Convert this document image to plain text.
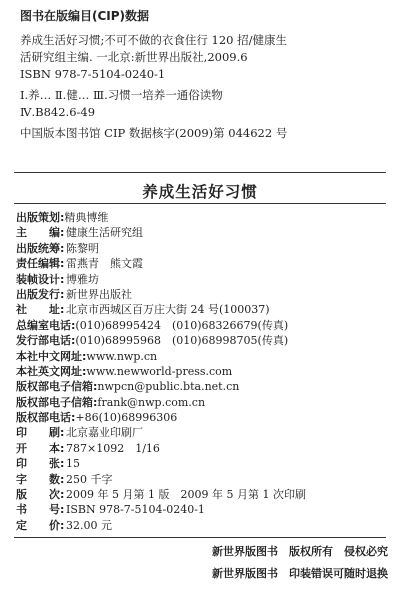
图书在版编目(CIP)数据
养成生活好习惯;不可不做的衣食住行 120 招/健康生
活研究组主编. 一北京:新世界出版社,2009.6
ISBN 978-7-5104-0240-1
Ⅰ.养… Ⅱ.健… Ⅲ.习惯一培养一通俗读物
Ⅳ.B842.6-49
中国版本图书馆 CIP 数据核字(2009)第 044622 号
养成生活好习惯
出版策划: 精典博维
主　　编: 健康生活研究组
出版统筹: 陈黎明
责任编辑: 雷燕青　熊文霞
装帧设计: 博雅坊
出版发行: 新世界出版社
社　　址: 北京市西城区百万庄大街 24 号(100037)
总编室电话: (010)68995424　(010)68326679(传真)
发行部电话: (010)68995968　(010)68998705(传真)
本社中文网址: www.nwp.cn
本社英文网址: www.newworld-press.com
版权部电子信箱: nwpcn@public.bta.net.cn
版权部电子信箱: frank@nwp.com.cn
版权部电话: +86(10)68996306
印　　刷: 北京嘉业印刷厂
开　　本: 787×1092　1/16
印　　张: 15
字　　数: 250 千字
版　　次: 2009 年 5 月第 1 版　2009 年 5 月第 1 次印刷
书　　号: ISBN 978-7-5104-0240-1
定　　价: 32.00 元
新世界版图书　版权所有　侵权必究
新世界版图书　印装错误可随时退换
